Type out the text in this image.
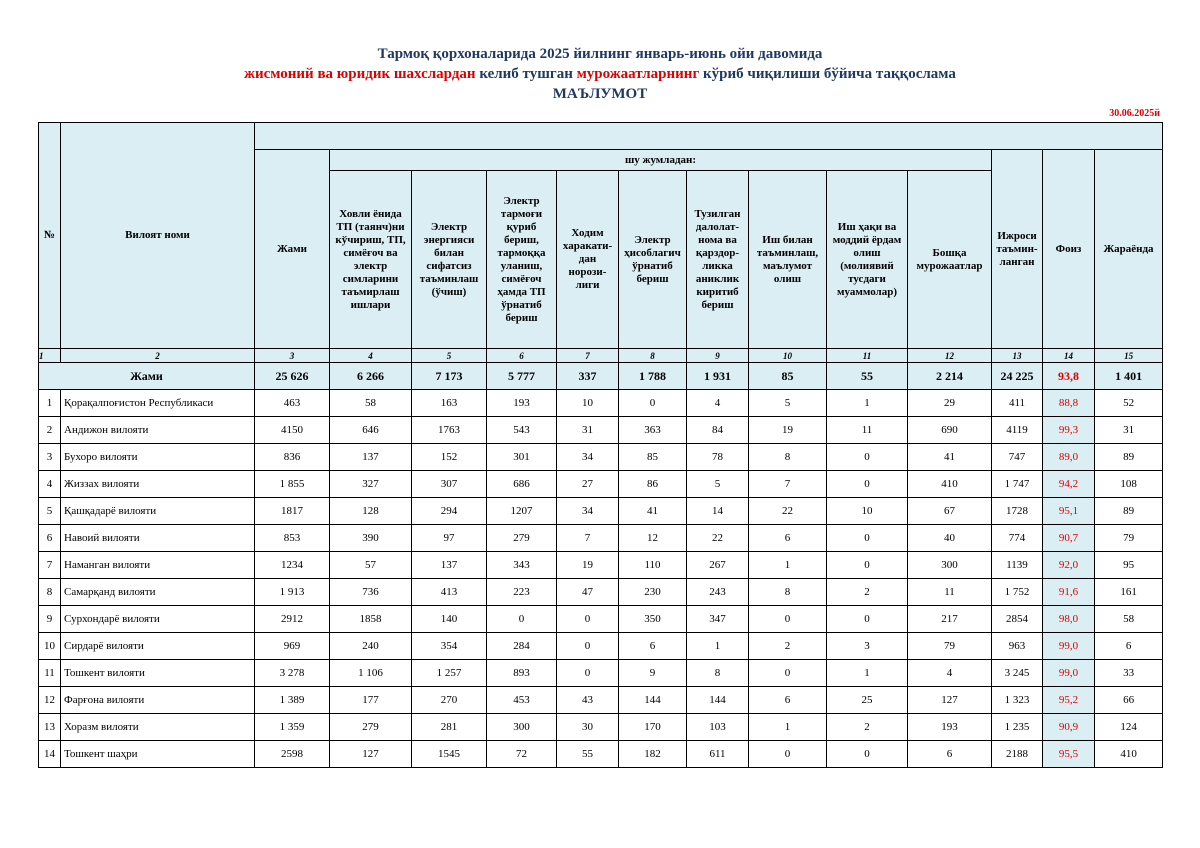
Тармоқ қорхоналарида 2025 йилнинг январь-июнь ойи давомида
жисмоний ва юридик шахслардан келиб тушган мурожаатларнинг кўриб чиқилиши бўйича таққослама
МАЪЛУМОТ
30.06.2025й
№	Вилоят номи													
		Жами	шу жумладан:									Ижроси таъмин-ланган	Фоиз	Жараёнда
			Ховли ёнида ТП (таянч)ни кўчириш, ТП, симёғоч ва электр симларини таъмирлаш ишлари	Электр энергияси билан сифатсиз таъминлаш (ўчиш)	Электр тармоғи қуриб бериш, тармоққа уланиш, симёғоч ҳамда ТП ўрнатиб бериш	Ходим харакати-дан норози-лиги	Электр ҳисоблагич ўрнатиб бериш	Тузилган далолат-нома ва қарздор-ликка аниклик киритиб бериш	Иш билан таъминлаш, маълумот олиш	Иш ҳақи ва моддий ёрдам олиш (молиявий тусдаги муаммолар)	Бошқа мурожаатлар			
1	2	3	4	5	6	7	8	9	10	11	12	13	14	15
Жами		25 626	6 266	7 173	5 777	337	1 788	1 931	85	55	2 214	24 225	93,8	1 401
1	Қорақалпоғистон Республикаси	463	58	163	193	10	0	4	5	1	29	411	88,8	52
2	Андижон вилояти	4150	646	1763	543	31	363	84	19	11	690	4119	99,3	31
3	Бухоро вилояти	836	137	152	301	34	85	78	8	0	41	747	89,0	89
4	Жиззах вилояти	1 855	327	307	686	27	86	5	7	0	410	1 747	94,2	108
5	Қашқадарё вилояти	1817	128	294	1207	34	41	14	22	10	67	1728	95,1	89
6	Навоий вилояти	853	390	97	279	7	12	22	6	0	40	774	90,7	79
7	Наманган вилояти	1234	57	137	343	19	110	267	1	0	300	1139	92,0	95
8	Самарқанд вилояти	1 913	736	413	223	47	230	243	8	2	11	1 752	91,6	161
9	Сурхондарё вилояти	2912	1858	140	0	0	350	347	0	0	217	2854	98,0	58
10	Сирдарё вилояти	969	240	354	284	0	6	1	2	3	79	963	99,0	6
11	Тошкент вилояти	3 278	1 106	1 257	893	0	9	8	0	1	4	3 245	99,0	33
12	Фарғона вилояти	1 389	177	270	453	43	144	144	6	25	127	1 323	95,2	66
13	Хоразм вилояти	1 359	279	281	300	30	170	103	1	2	193	1 235	90,9	124
14	Тошкент шаҳри	2598	127	1545	72	55	182	611	0	0	6	2188	95,5	410
